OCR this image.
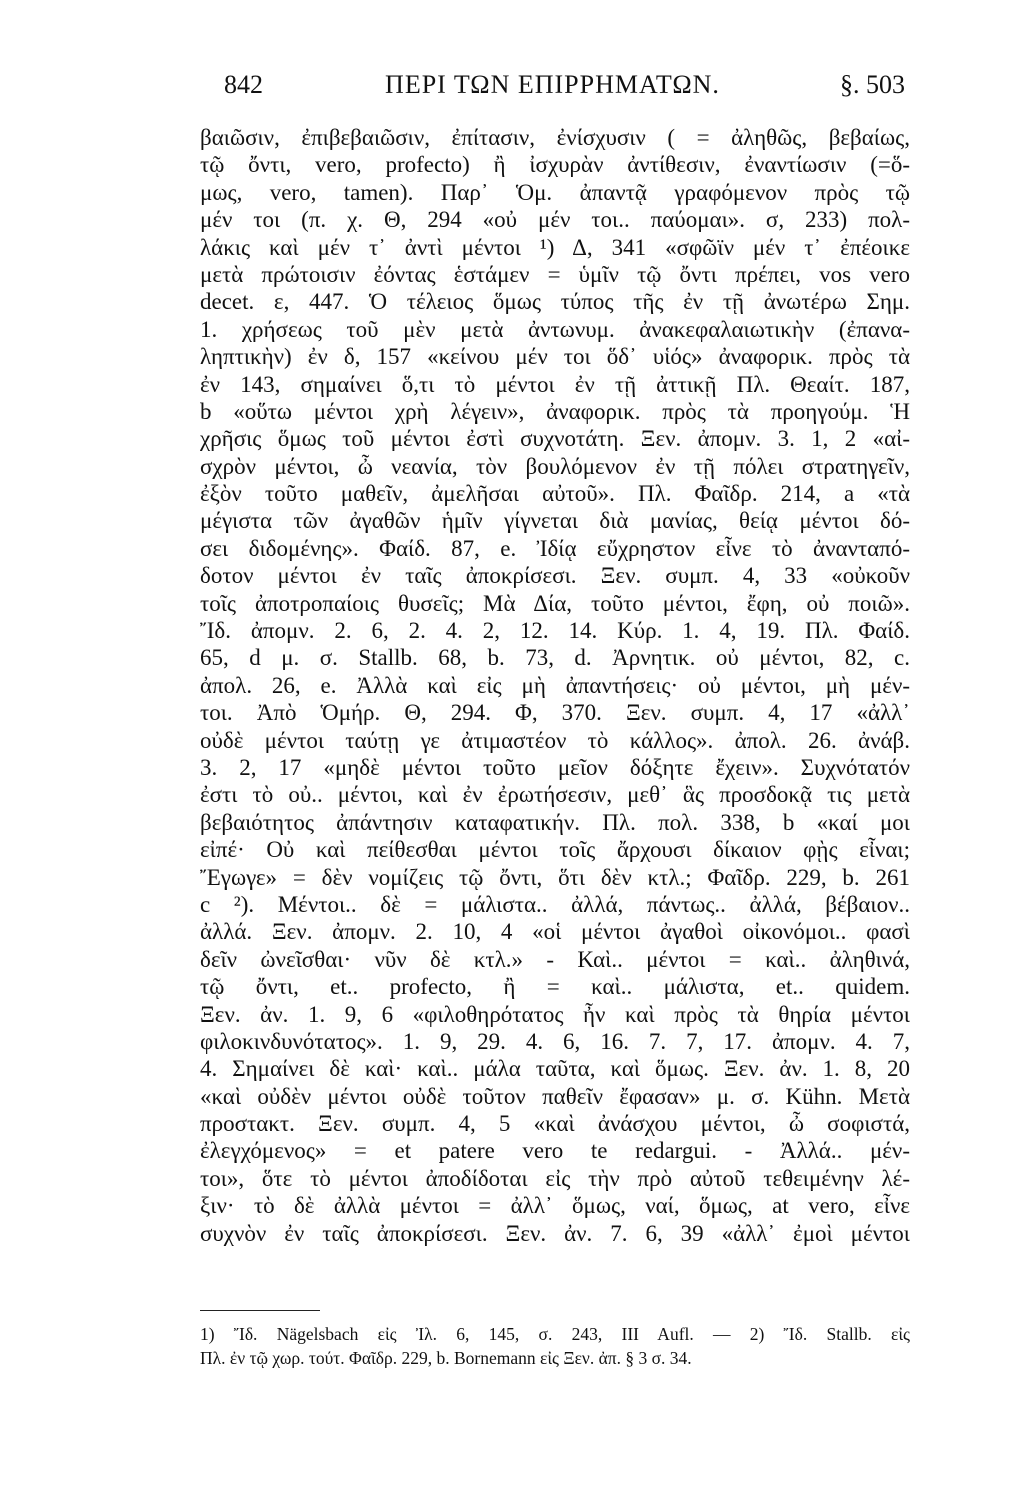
842	ΠΕΡΙ ΤΩΝ ΕΠΙΡΡΗΜΑΤΩΝ.	§. 503
βαιῶσιν, ἐπιβεβαιῶσιν, ἐπίτασιν, ἐνίσχυσιν ( = ἀληθῶς, βεβαίως,
τῷ ὄντι, vero, profecto) ἢ ἰσχυρὰν ἀντίθεσιν, ἐναντίωσιν (=ὅ-
μως, vero, tamen). Παρ᾽ Ὁμ. ἀπαντᾷ γραφόμενον πρὸς τῷ
μέν τοι (π. χ. Θ, 294 «οὐ μέν τοι.. παύομαι». σ, 233) πολ-
λάκις καὶ μέν τ᾽ ἀντὶ μέντοι ¹) Δ, 341 «σφῶϊν μέν τ᾽ ἐπέοικε
μετὰ πρώτοισιν ἐόντας ἑστάμεν = ὑμῖν τῷ ὄντι πρέπει, vos vero
decet. ε, 447. Ὁ τέλειος ὅμως τύπος τῆς ἐν τῇ ἀνωτέρω Σημ.
1. χρήσεως τοῦ μὲν μετὰ ἀντωνυμ. ἀνακεφαλαιωτικὴν (ἐπανα-
ληπτικὴν) ἐν δ, 157 «κείνου μέν τοι ὅδ᾽ υἱός» ἀναφορικ. πρὸς τὰ
ἐν 143, σημαίνει ὅ,τι τὸ μέντοι ἐν τῇ ἀττικῇ Πλ. Θεαίτ. 187,
b «οὕτω μέντοι χρὴ λέγειν», ἀναφορικ. πρὸς τὰ προηγούμ. Ἡ
χρῆσις ὅμως τοῦ μέντοι ἐστὶ συχνοτάτη. Ξεν. ἀπομν. 3. 1, 2 «αἰ-
σχρὸν μέντοι, ὦ νεανία, τὸν βουλόμενον ἐν τῇ πόλει στρατηγεῖν,
ἐξὸν τοῦτο μαθεῖν, ἀμελῆσαι αὐτοῦ». Πλ. Φαῖδρ. 214, a «τὰ
μέγιστα τῶν ἀγαθῶν ἡμῖν γίγνεται διὰ μανίας, θείᾳ μέντοι δό-
σει διδομένης». Φαίδ. 87, e. Ἰδίᾳ εὔχρηστον εἶνε τὸ ἀνανταπό-
δοτον μέντοι ἐν ταῖς ἀποκρίσεσι. Ξεν. συμπ. 4, 33 «οὐκοῦν
τοῖς ἀποτροπαίοις θυσεῖς; Μὰ Δία, τοῦτο μέντοι, ἔφη, οὐ ποιῶ».
Ἴδ. ἀπομν. 2. 6, 2. 4. 2, 12. 14. Κύρ. 1. 4, 19. Πλ. Φαίδ.
65, d μ. σ. Stallb. 68, b. 73, d. Ἀρνητικ. οὐ μέντοι, 82, c.
ἀπολ. 26, e. Ἀλλὰ καὶ εἰς μὴ ἀπαντήσεις· οὐ μέντοι, μὴ μέν-
τοι. Ἀπὸ Ὁμήρ. Θ, 294. Φ, 370. Ξεν. συμπ. 4, 17 «ἀλλ᾽
οὐδὲ μέντοι ταύτῃ γε ἀτιμαστέον τὸ κάλλος». ἀπολ. 26. ἀνάβ.
3. 2, 17 «μηδὲ μέντοι τοῦτο μεῖον δόξητε ἔχειν». Συχνότατόν
ἐστι τὸ οὐ.. μέντοι, καὶ ἐν ἐρωτήσεσιν, μεθ᾽ ἃς προσδοκᾷ τις μετὰ
βεβαιότητος ἀπάντησιν καταφατικήν. Πλ. πολ. 338, b «καί μοι
εἰπέ· Οὐ καὶ πείθεσθαι μέντοι τοῖς ἄρχουσι δίκαιον φῂς εἶναι;
Ἔγωγε» = δὲν νομίζεις τῷ ὄντι, ὅτι δὲν κτλ.; Φαῖδρ. 229, b. 261
c ²). Μέντοι.. δὲ = μάλιστα.. ἀλλά, πάντως.. ἀλλά, βέβαιον..
ἀλλά. Ξεν. ἀπομν. 2. 10, 4 «οἱ μέντοι ἀγαθοὶ οἰκονόμοι.. φασὶ
δεῖν ὠνεῖσθαι· νῦν δὲ κτλ.» - Καὶ.. μέντοι = καὶ.. ἀληθινά,
τῷ ὄντι, et.. profecto, ἢ = καὶ.. μάλιστα, et.. quidem.
Ξεν. ἀν. 1. 9, 6 «φιλοθηρότατος ἦν καὶ πρὸς τὰ θηρία μέντοι
φιλοκινδυνότατος». 1. 9, 29. 4. 6, 16. 7. 7, 17. ἀπομν. 4. 7,
4. Σημαίνει δὲ καὶ· καὶ.. μάλα ταῦτα, καὶ ὅμως. Ξεν. ἀν. 1. 8, 20
«καὶ οὐδὲν μέντοι οὐδὲ τοῦτον παθεῖν ἔφασαν» μ. σ. Kühn. Μετὰ
προστακτ. Ξεν. συμπ. 4, 5 «καὶ ἀνάσχου μέντοι, ὦ σοφιστά,
ἐλεγχόμενος» = et patere vero te redargui. - Ἀλλά.. μέν-
τοι», ὅτε τὸ μέντοι ἀποδίδοται εἰς τὴν πρὸ αὐτοῦ τεθειμένην λέ-
ξιν· τὸ δὲ ἀλλὰ μέντοι = ἀλλ᾽ ὅμως, ναί, ὅμως, at vero, εἶνε
συχνὸν ἐν ταῖς ἀποκρίσεσι. Ξεν. ἀν. 7. 6, 39 «ἀλλ᾽ ἐμοὶ μέντοι
1) Ἴδ. Nägelsbach εἰς Ἰλ. 6, 145, σ. 243, III Aufl. — 2) Ἴδ. Stallb. εἰς
Πλ. ἐν τῷ χωρ. τούτ. Φαῖδρ. 229, b. Bornemann εἰς Ξεν. ἀπ. § 3 σ. 34.
